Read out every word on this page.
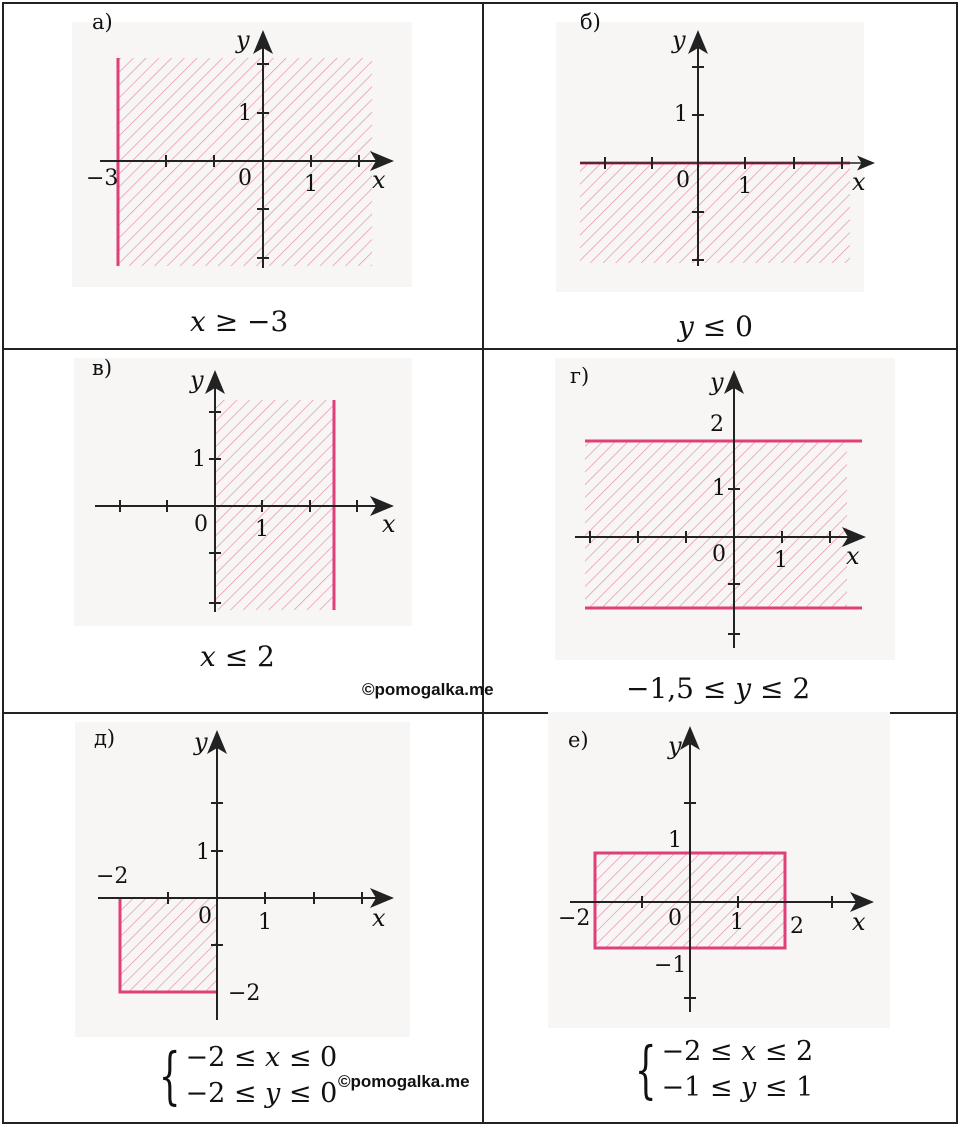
а)
y
x
1
0 1
−3
𝑥 ≥ −3
б)
y
x
1
0 1
𝑦 ≤ 0
в)	y
x
1
0 1
𝑥 ≤ 2
г)	y
x
2
1
0 1
−1,5 ≤ 𝑦 ≤ 2
©pomogalka.me
д)	y
x
1
0 1
−2
−2
{ −2 ≤ 𝑥 ≤ 0
−2 ≤ 𝑦 ≤ 0 ©pomogalka.me
е)	y
x
1
0 1
−2	2
−1
{ −2 ≤ 𝑥 ≤ 2
−1 ≤ 𝑦 ≤ 1
